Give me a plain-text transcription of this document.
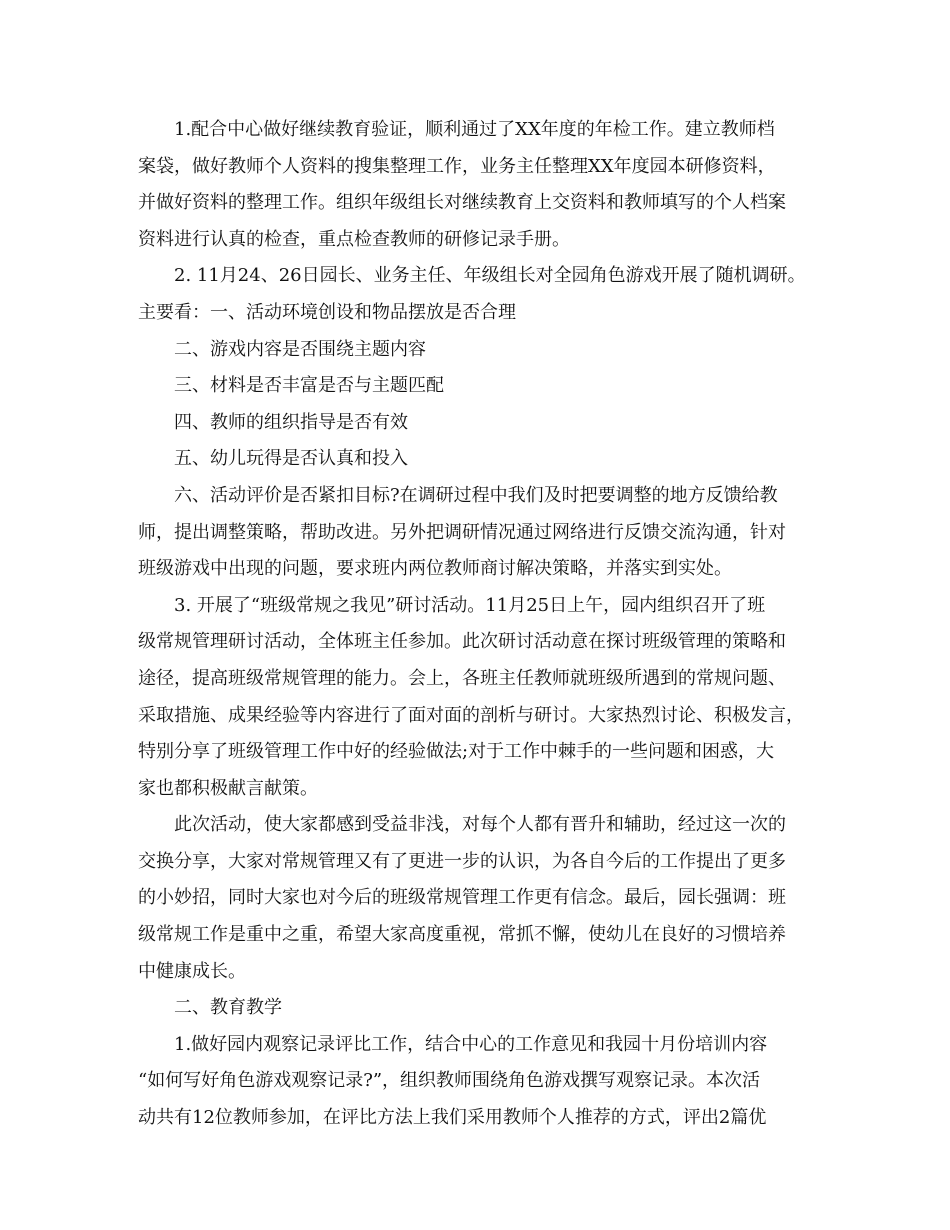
1.配合中心做好继续教育验证，顺利通过了XX年度的年检工作。建立教师档
案袋，做好教师个人资料的搜集整理工作，业务主任整理XX年度园本研修资料，
并做好资料的整理工作。组织年级组长对继续教育上交资料和教师填写的个人档案
资料进行认真的检查，重点检查教师的研修记录手册。
2. 11月24、26日园长、业务主任、年级组长对全园角色游戏开展了随机调研。
主要看：一、活动环境创设和物品摆放是否合理
二、游戏内容是否围绕主题内容
三、材料是否丰富是否与主题匹配
四、教师的组织指导是否有效
五、幼儿玩得是否认真和投入
六、活动评价是否紧扣目标?在调研过程中我们及时把要调整的地方反馈给教
师，提出调整策略，帮助改进。另外把调研情况通过网络进行反馈交流沟通，针对
班级游戏中出现的问题，要求班内两位教师商讨解决策略，并落实到实处。
3. 开展了“班级常规之我见”研讨活动。11月25日上午，园内组织召开了班
级常规管理研讨活动，全体班主任参加。此次研讨活动意在探讨班级管理的策略和
途径，提高班级常规管理的能力。会上，各班主任教师就班级所遇到的常规问题、
采取措施、成果经验等内容进行了面对面的剖析与研讨。大家热烈讨论、积极发言，
特别分享了班级管理工作中好的经验做法;对于工作中棘手的一些问题和困惑，大
家也都积极献言献策。
此次活动，使大家都感到受益非浅，对每个人都有晋升和辅助，经过这一次的
交换分享，大家对常规管理又有了更进一步的认识，为各自今后的工作提出了更多
的小妙招，同时大家也对今后的班级常规管理工作更有信念。最后，园长强调：班
级常规工作是重中之重，希望大家高度重视，常抓不懈，使幼儿在良好的习惯培养
中健康成长。
二、教育教学
1.做好园内观察记录评比工作，结合中心的工作意见和我园十月份培训内容
“如何写好角色游戏观察记录?”，组织教师围绕角色游戏撰写观察记录。本次活
动共有12位教师参加，在评比方法上我们采用教师个人推荐的方式，评出2篇优
